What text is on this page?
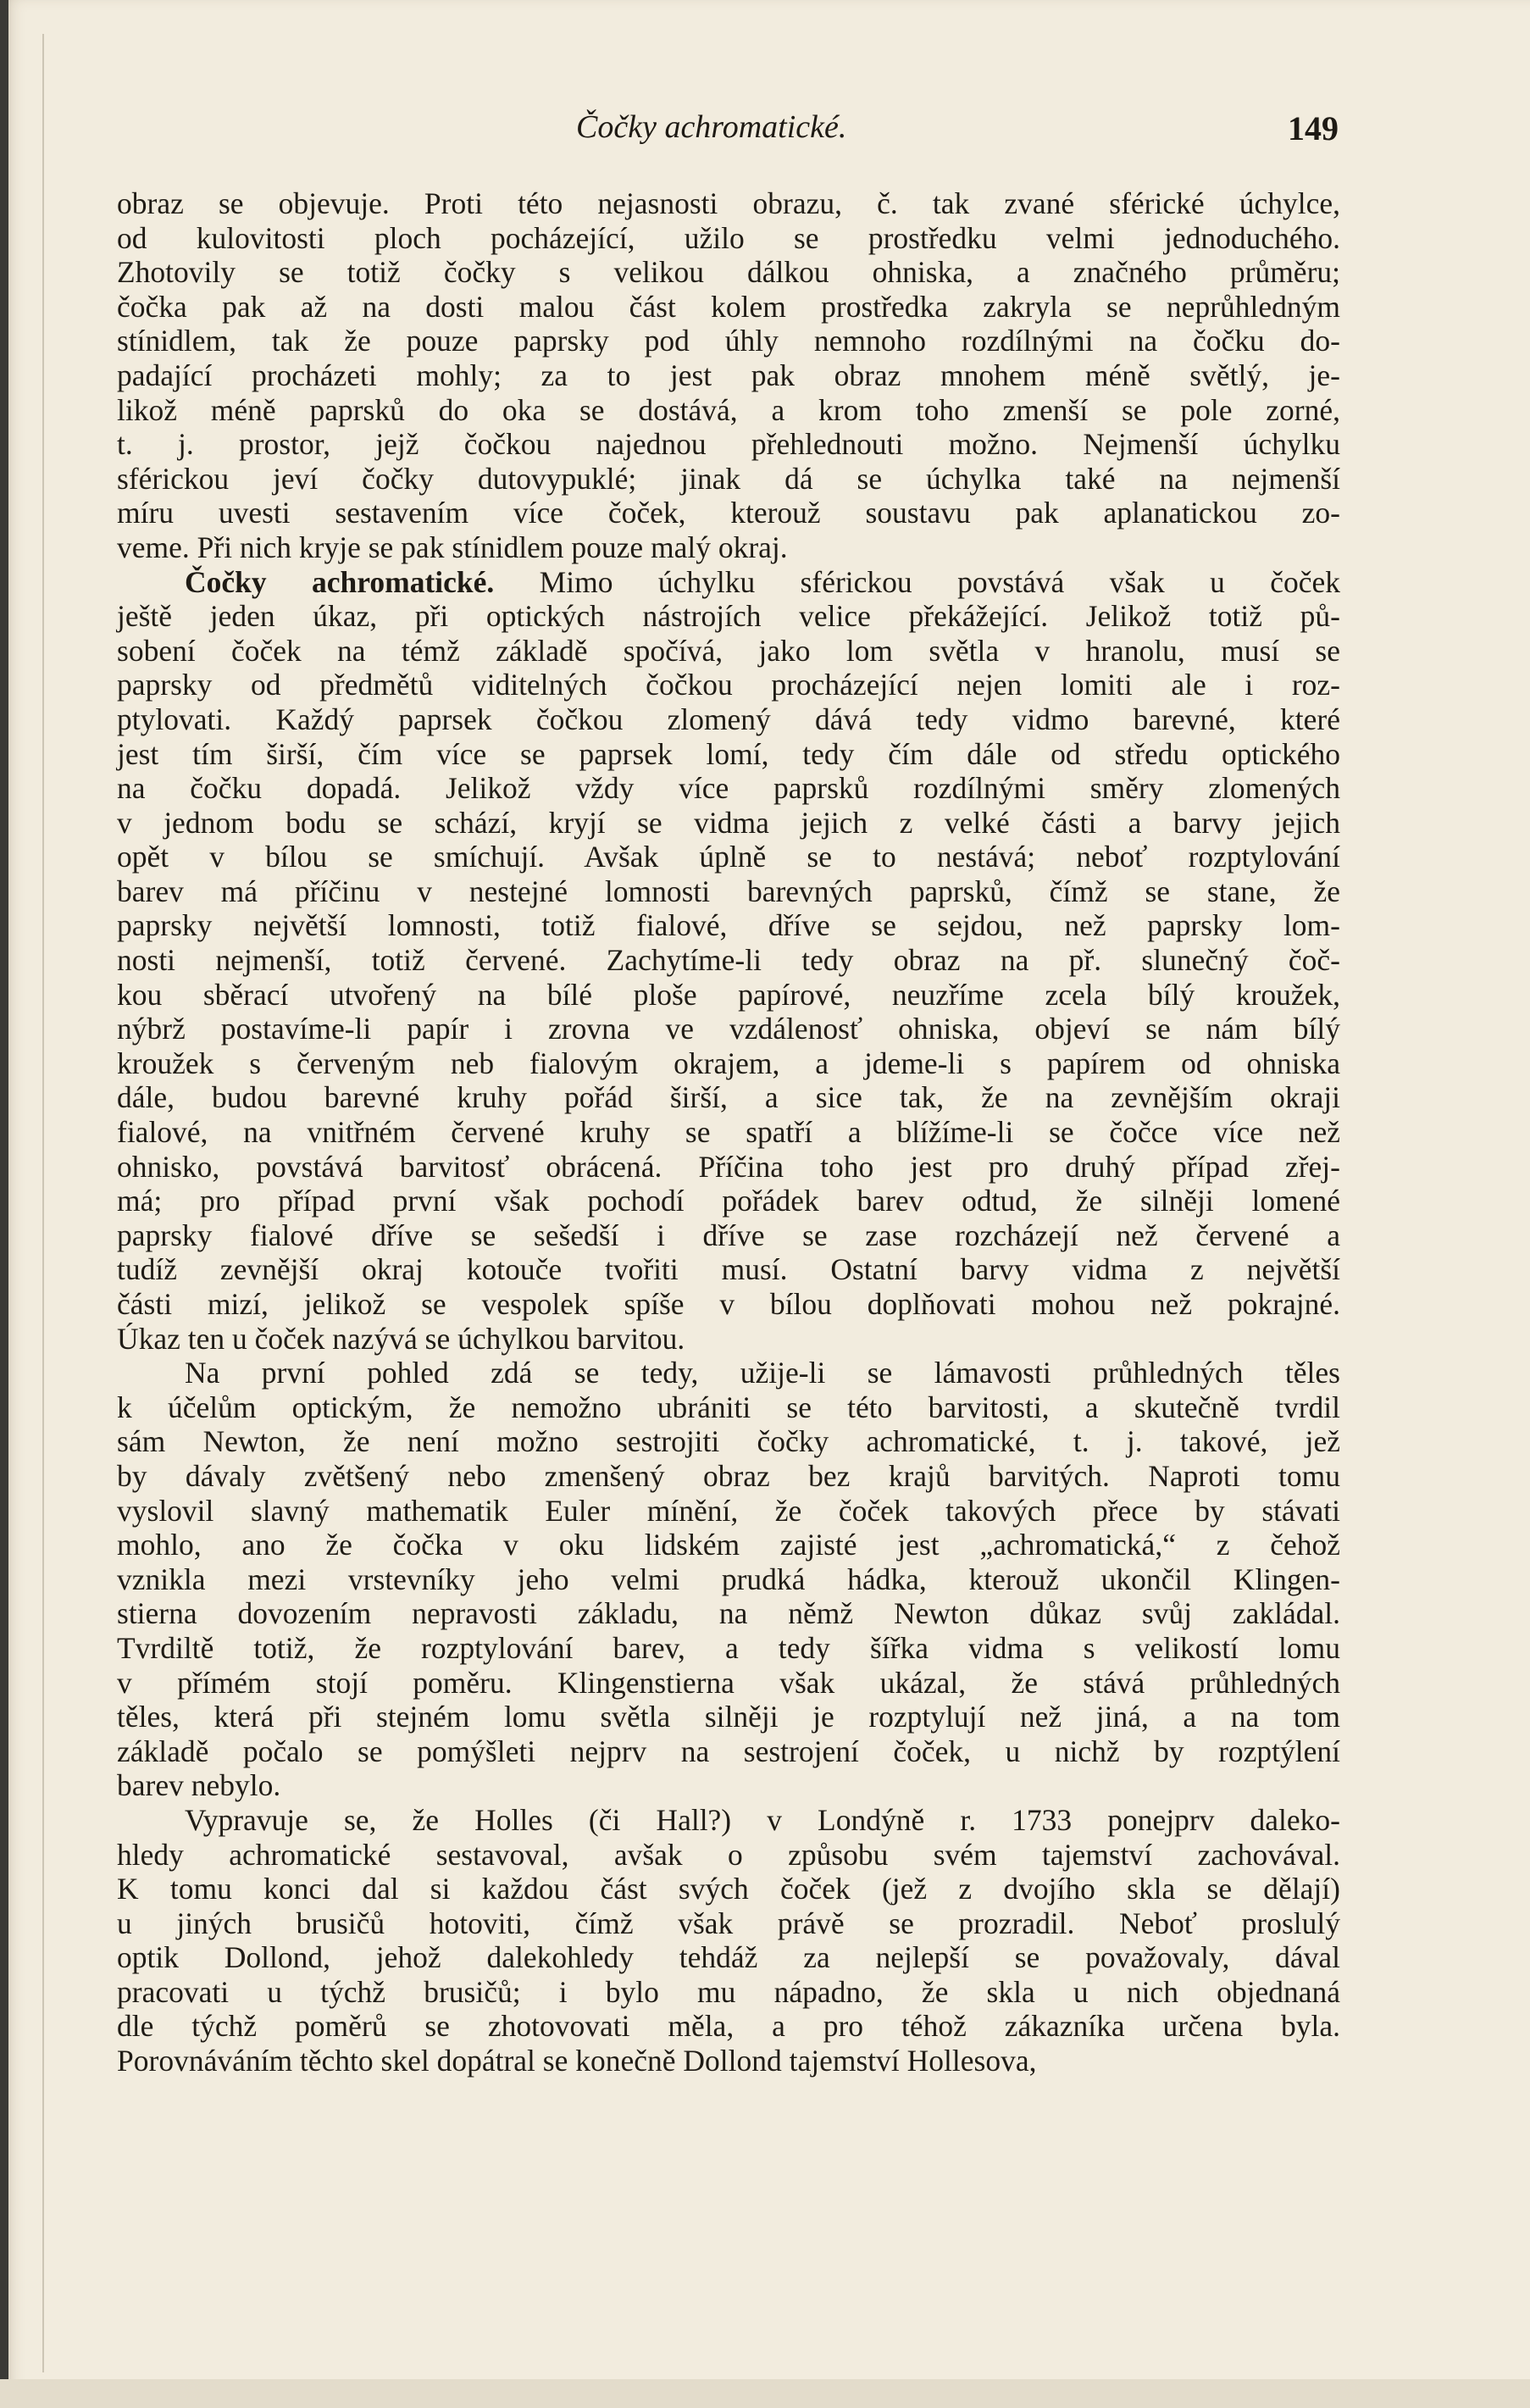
Čočky achromatické.	149

obraz se objevuje. Proti této nejasnosti obrazu, č. tak zvané sférické úchylce,
od kulovitosti ploch pocházející, užilo se prostředku velmi jednoduchého.
Zhotovily se totiž čočky s velikou dálkou ohniska, a značného průměru;
čočka pak až na dosti malou část kolem prostředka zakryla se neprůhledným
stínidlem, tak že pouze paprsky pod úhly nemnoho rozdílnými na čočku do-
padající procházeti mohly; za to jest pak obraz mnohem méně světlý, je-
likož méně paprsků do oka se dostává, a krom toho zmenší se pole zorné,
t. j. prostor, jejž čočkou najednou přehlednouti možno. Nejmenší úchylku
sférickou jeví čočky dutovypuklé; jinak dá se úchylka také na nejmenší
míru uvesti sestavením více čoček, kterouž soustavu pak aplanatickou zo-
veme. Při nich kryje se pak stínidlem pouze malý okraj.

Čočky achromatické. Mimo úchylku sférickou povstává však u čoček
ještě jeden úkaz, při optických nástrojích velice překážející. Jelikož totiž pů-
sobení čoček na témž základě spočívá, jako lom světla v hranolu, musí se
paprsky od předmětů viditelných čočkou procházející nejen lomiti ale i roz-
ptylovati. Každý paprsek čočkou zlomený dává tedy vidmo barevné, které
jest tím širší, čím více se paprsek lomí, tedy čím dále od středu optického
na čočku dopadá. Jelikož vždy více paprsků rozdílnými směry zlomených
v jednom bodu se schází, kryjí se vidma jejich z velké části a barvy jejich
opět v bílou se smíchují. Avšak úplně se to nestává; neboť rozptylování
barev má příčinu v nestejné lomnosti barevných paprsků, čímž se stane, že
paprsky největší lomnosti, totiž fialové, dříve se sejdou, než paprsky lom-
nosti nejmenší, totiž červené. Zachytíme-li tedy obraz na př. slunečný čoč-
kou sběrací utvořený na bílé ploše papírové, neuzříme zcela bílý kroužek,
nýbrž postavíme-li papír i zrovna ve vzdálenosť ohniska, objeví se nám bílý
kroužek s červeným neb fialovým okrajem, a jdeme-li s papírem od ohniska
dále, budou barevné kruhy pořád širší, a sice tak, že na zevnějším okraji
fialové, na vnitřném červené kruhy se spatří a blížíme-li se čočce více než
ohnisko, povstává barvitosť obrácená. Příčina toho jest pro druhý případ zřej-
má; pro případ první však pochodí pořádek barev odtud, že silněji lomené
paprsky fialové dříve se sešedší i dříve se zase rozcházejí než červené a
tudíž zevnější okraj kotouče tvořiti musí. Ostatní barvy vidma z největší
části mizí, jelikož se vespolek spíše v bílou doplňovati mohou než pokrajné.
Úkaz ten u čoček nazývá se úchylkou barvitou.

Na první pohled zdá se tedy, užije-li se lámavosti průhledných těles
k účelům optickým, že nemožno ubrániti se této barvitosti, a skutečně tvrdil
sám Newton, že není možno sestrojiti čočky achromatické, t. j. takové, jež
by dávaly zvětšený nebo zmenšený obraz bez krajů barvitých. Naproti tomu
vyslovil slavný mathematik Euler mínění, že čoček takových přece by stávati
mohlo, ano že čočka v oku lidském zajisté jest „achromatická,“ z čehož
vznikla mezi vrstevníky jeho velmi prudká hádka, kterouž ukončil Klingen-
stierna dovozením nepravosti základu, na němž Newton důkaz svůj zakládal.
Tvrdiltě totiž, že rozptylování barev, a tedy šířka vidma s velikostí lomu
v přímém stojí poměru. Klingenstierna však ukázal, že stává průhledných
těles, která při stejném lomu světla silněji je rozptylují než jiná, a na tom
základě počalo se pomýšleti nejprv na sestrojení čoček, u nichž by rozptýlení
barev nebylo.

Vypravuje se, že Holles (či Hall?) v Londýně r. 1733 ponejprv daleko-
hledy achromatické sestavoval, avšak o způsobu svém tajemství zachovával.
K tomu konci dal si každou část svých čoček (jež z dvojího skla se dělají)
u jiných brusičů hotoviti, čímž však právě se prozradil. Neboť proslulý
optik Dollond, jehož dalekohledy tehdáž za nejlepší se považovaly, dával
pracovati u týchž brusičů; i bylo mu nápadno, že skla u nich objednaná
dle týchž poměrů se zhotovovati měla, a pro téhož zákazníka určena byla.
Porovnáváním těchto skel dopátral se konečně Dollond tajemství Hollesova,
